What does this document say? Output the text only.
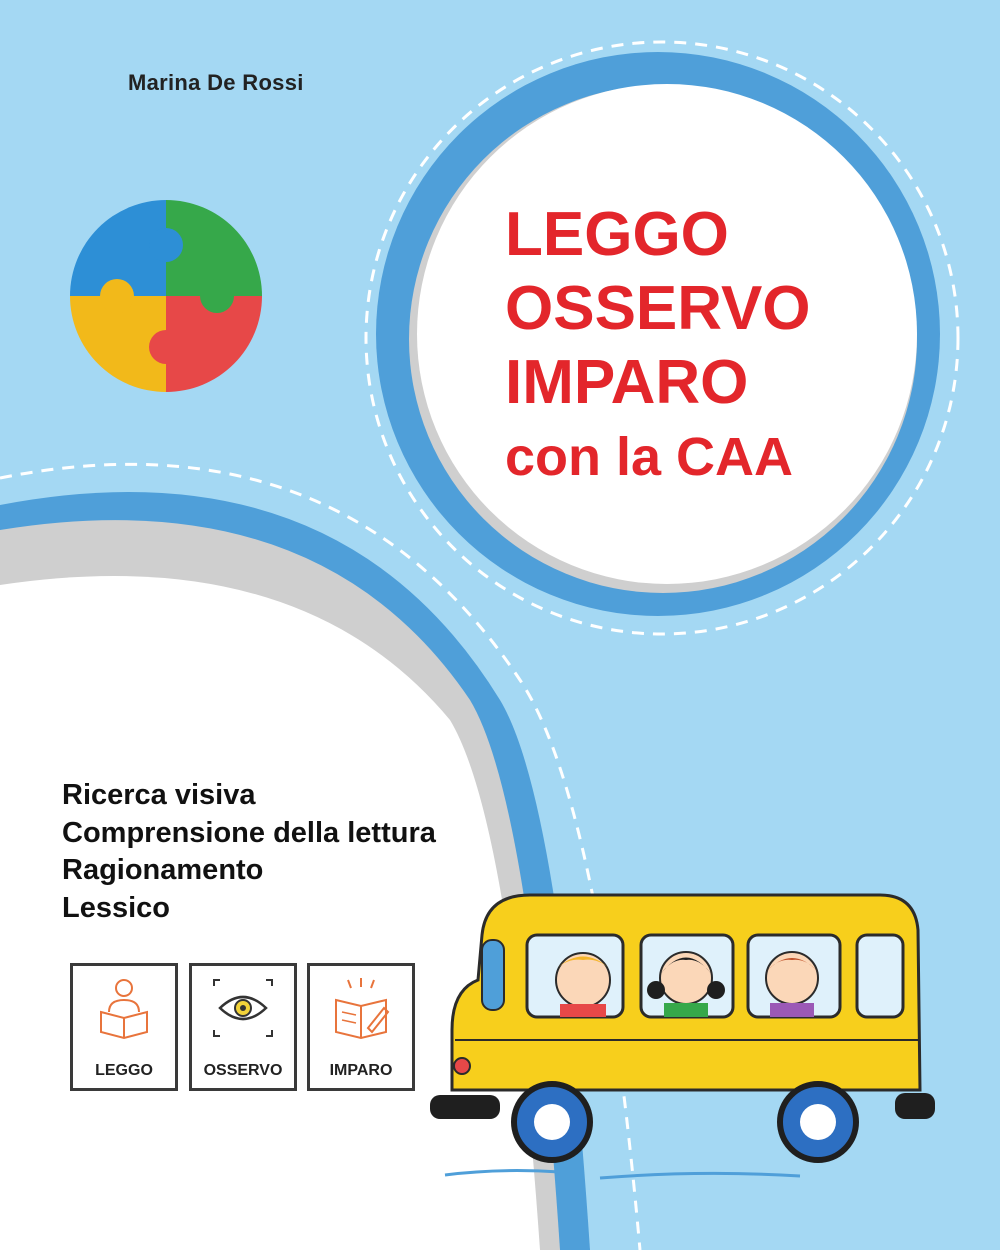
Marina De Rossi
LEGGO
OSSERVO
IMPARO
con la CAA
Ricerca visiva
Comprensione della lettura
Ragionamento
Lessico
LEGGO	OSSERVO	IMPARO
